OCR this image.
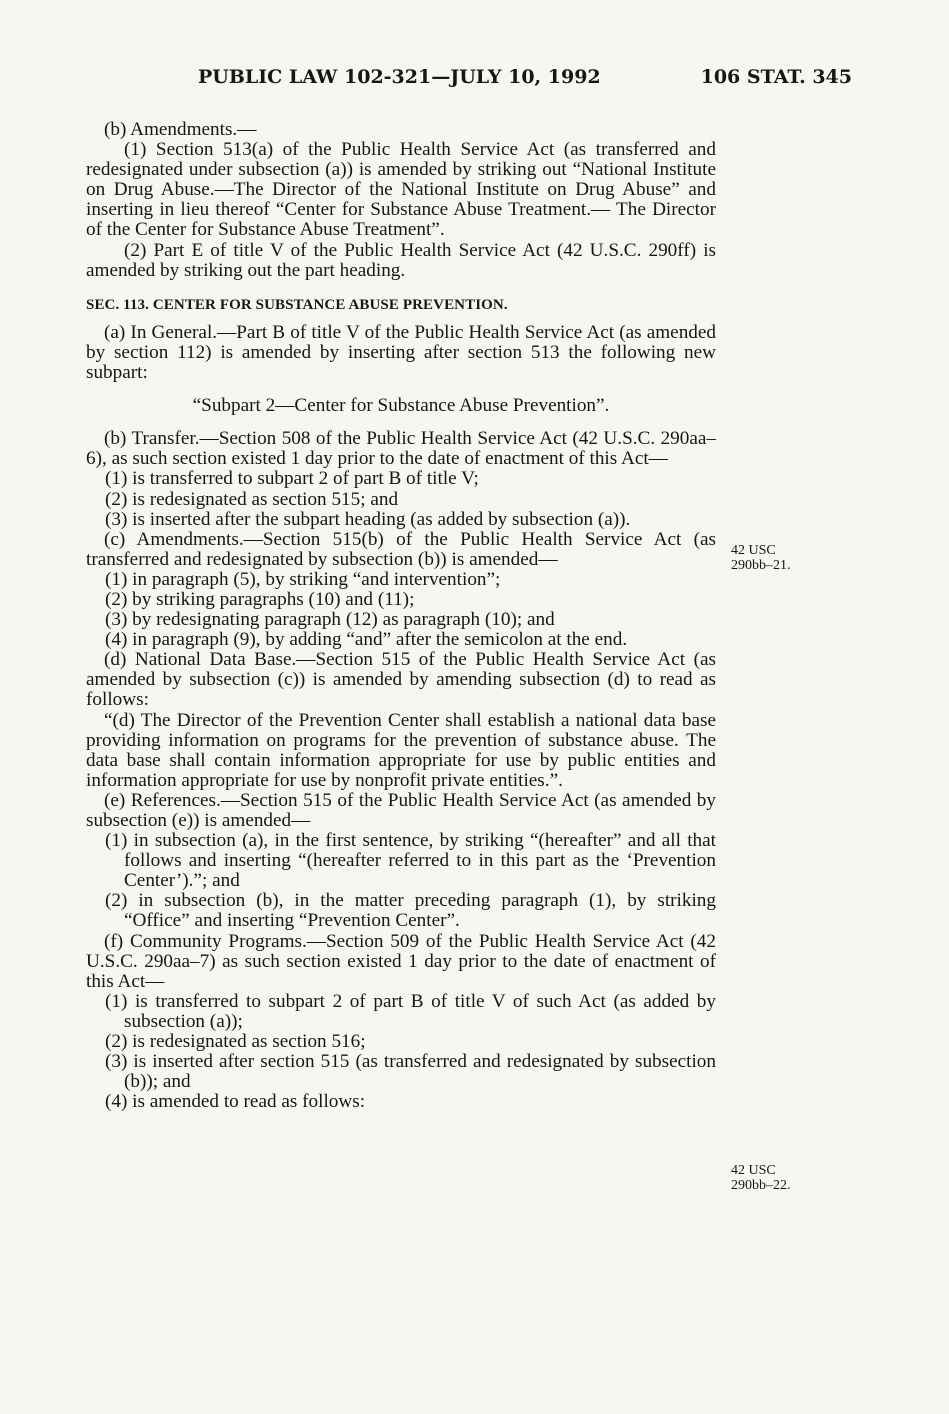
PUBLIC LAW 102-321—JULY 10, 1992	106 STAT. 345

(b) Amendments.—

(1) Section 513(a) of the Public Health Service Act (as transferred and redesignated under subsection (a)) is amended by striking out “National Institute on Drug Abuse.—The Director of the National Institute on Drug Abuse” and inserting in lieu thereof “Center for Substance Abuse Treatment.— The Director of the Center for Substance Abuse Treatment”.

(2) Part E of title V of the Public Health Service Act (42 U.S.C. 290ff) is amended by striking out the part heading.

SEC. 113. CENTER FOR SUBSTANCE ABUSE PREVENTION.

(a) In General.—Part B of title V of the Public Health Service Act (as amended by section 112) is amended by inserting after section 513 the following new subpart:

“Subpart 2—Center for Substance Abuse Prevention”.

(b) Transfer.—Section 508 of the Public Health Service Act (42 U.S.C. 290aa–6), as such section existed 1 day prior to the date of enactment of this Act—

(1) is transferred to subpart 2 of part B of title V;

(2) is redesignated as section 515; and

(3) is inserted after the subpart heading (as added by subsection (a)).

(c) Amendments.—Section 515(b) of the Public Health Service Act (as transferred and redesignated by subsection (b)) is amended—

(1) in paragraph (5), by striking “and intervention”;

(2) by striking paragraphs (10) and (11);

(3) by redesignating paragraph (12) as paragraph (10); and

(4) in paragraph (9), by adding “and” after the semicolon at the end.

(d) National Data Base.—Section 515 of the Public Health Service Act (as amended by subsection (c)) is amended by amending subsection (d) to read as follows:

“(d) The Director of the Prevention Center shall establish a national data base providing information on programs for the prevention of substance abuse. The data base shall contain information appropriate for use by public entities and information appropriate for use by nonprofit private entities.”.

(e) References.—Section 515 of the Public Health Service Act (as amended by subsection (e)) is amended—

(1) in subsection (a), in the first sentence, by striking “(hereafter” and all that follows and inserting “(hereafter referred to in this part as the ‘Prevention Center’).”; and

(2) in subsection (b), in the matter preceding paragraph (1), by striking “Office” and inserting “Prevention Center”.

(f) Community Programs.—Section 509 of the Public Health Service Act (42 U.S.C. 290aa–7) as such section existed 1 day prior to the date of enactment of this Act—

(1) is transferred to subpart 2 of part B of title V of such Act (as added by subsection (a));

(2) is redesignated as section 516;

(3) is inserted after section 515 (as transferred and redesignated by subsection (b)); and

(4) is amended to read as follows:

42 USC
290bb–21.
42 USC
290bb–22.
